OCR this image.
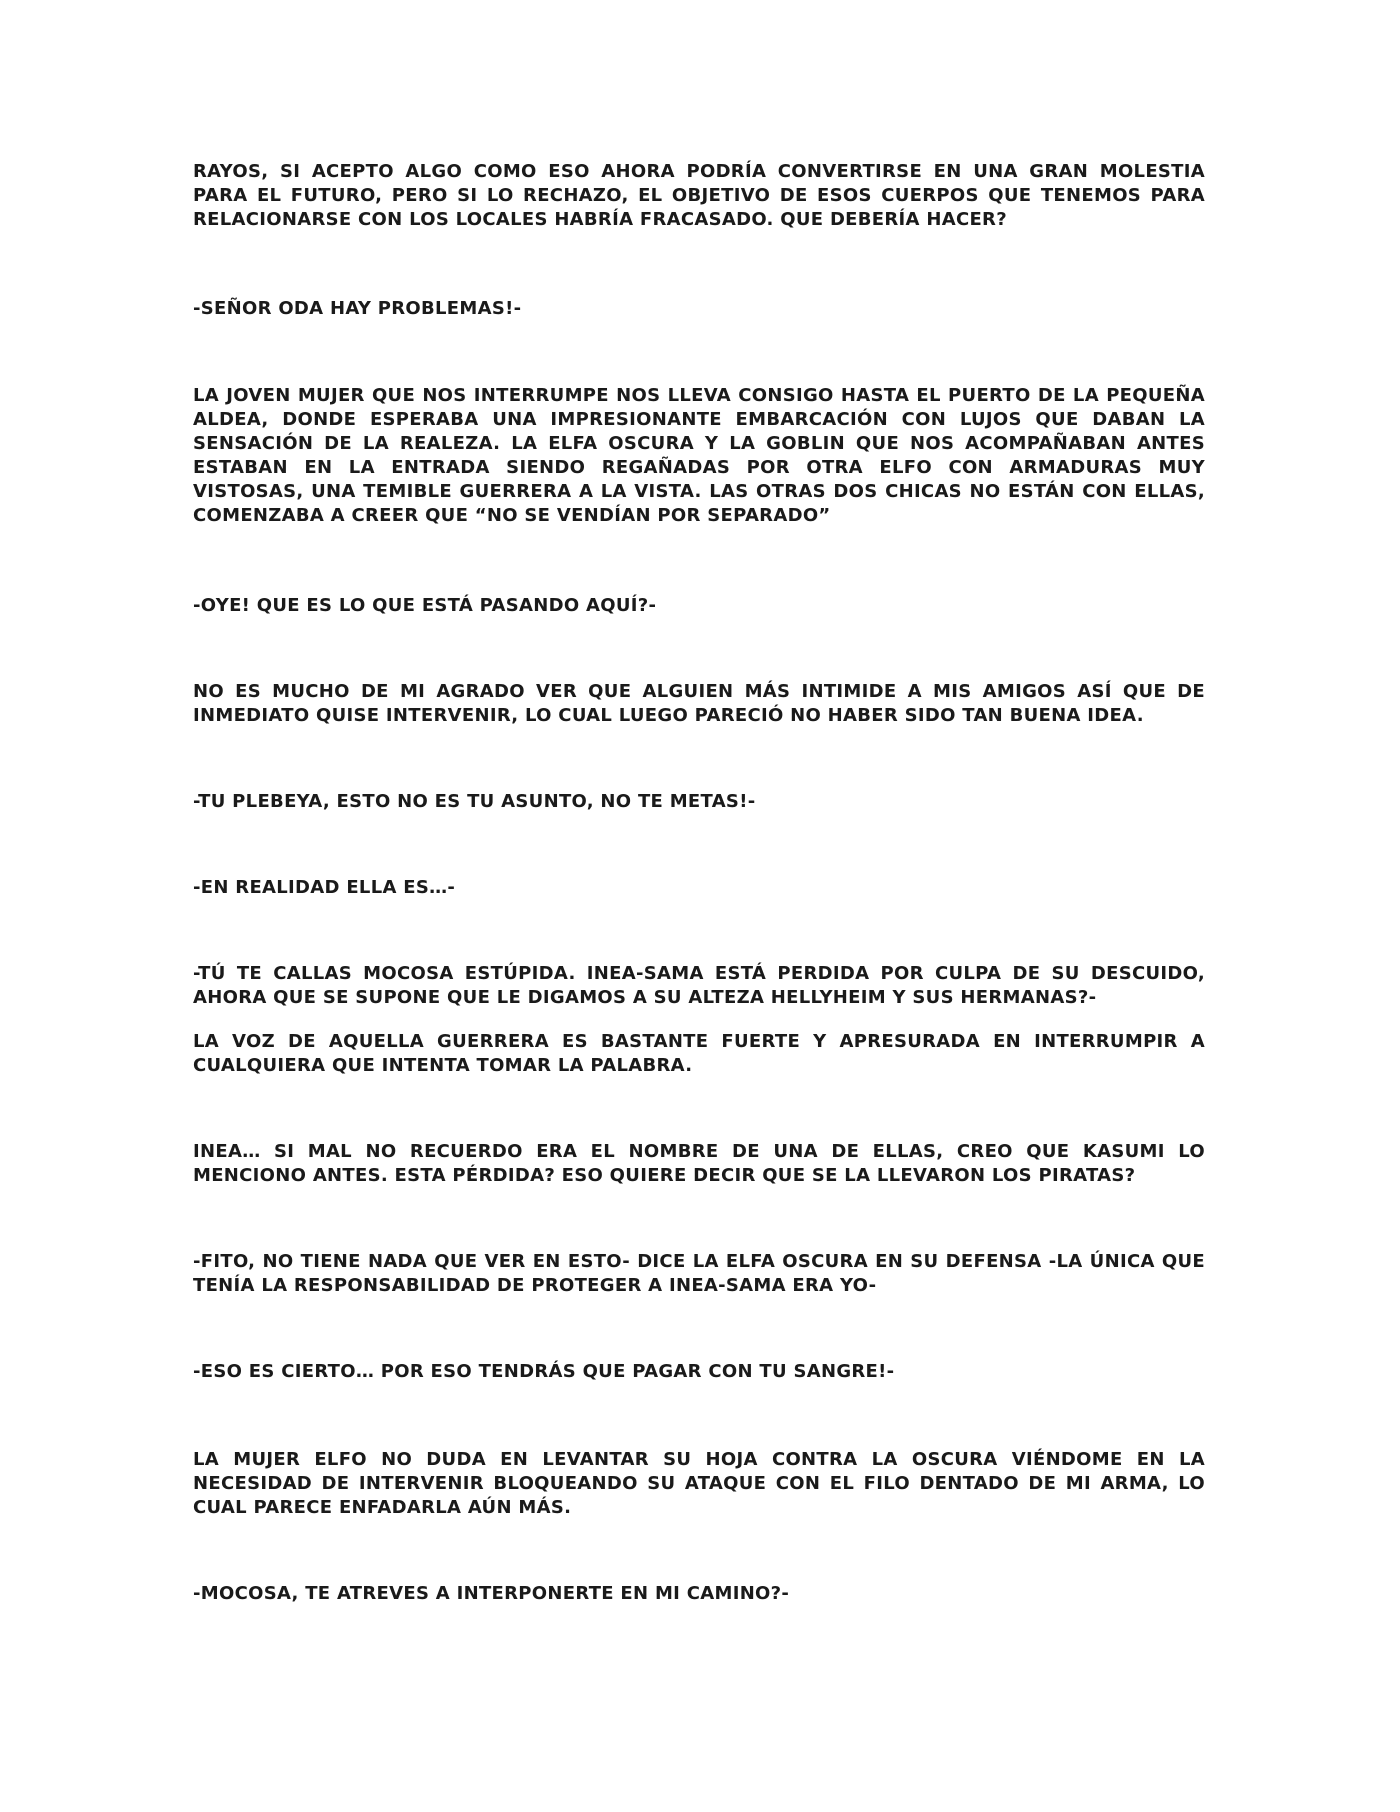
RAYOS, SI ACEPTO ALGO COMO ESO AHORA PODRÍA CONVERTIRSE EN UNA GRAN MOLESTIA PARA EL FUTURO, PERO SI LO RECHAZO, EL OBJETIVO DE ESOS CUERPOS QUE TENEMOS PARA RELACIONARSE CON LOS LOCALES HABRÍA FRACASADO. QUE DEBERÍA HACER?

-SEÑOR ODA HAY PROBLEMAS!-

LA JOVEN MUJER QUE NOS INTERRUMPE NOS LLEVA CONSIGO HASTA EL PUERTO DE LA PEQUEÑA ALDEA, DONDE ESPERABA UNA IMPRESIONANTE EMBARCACIÓN CON LUJOS QUE DABAN LA SENSACIÓN DE LA REALEZA. LA ELFA OSCURA Y LA GOBLIN QUE NOS ACOMPAÑABAN ANTES ESTABAN EN LA ENTRADA SIENDO REGAÑADAS POR OTRA ELFO CON ARMADURAS MUY VISTOSAS, UNA TEMIBLE GUERRERA A LA VISTA. LAS OTRAS DOS CHICAS NO ESTÁN CON ELLAS, COMENZABA A CREER QUE “NO SE VENDÍAN POR SEPARADO”

-OYE! QUE ES LO QUE ESTÁ PASANDO AQUÍ?-

NO ES MUCHO DE MI AGRADO VER QUE ALGUIEN MÁS INTIMIDE A MIS AMIGOS ASÍ QUE DE INMEDIATO QUISE INTERVENIR, LO CUAL LUEGO PARECIÓ NO HABER SIDO TAN BUENA IDEA.

-TU PLEBEYA, ESTO NO ES TU ASUNTO, NO TE METAS!-

-EN REALIDAD ELLA ES…-

-TÚ TE CALLAS MOCOSA ESTÚPIDA. INEA-SAMA ESTÁ PERDIDA POR CULPA DE SU DESCUIDO, AHORA QUE SE SUPONE QUE LE DIGAMOS A SU ALTEZA HELLYHEIM Y SUS HERMANAS?-

LA VOZ DE AQUELLA GUERRERA ES BASTANTE FUERTE Y APRESURADA EN INTERRUMPIR A CUALQUIERA QUE INTENTA TOMAR LA PALABRA.

INEA… SI MAL NO RECUERDO ERA EL NOMBRE DE UNA DE ELLAS, CREO QUE KASUMI LO MENCIONO ANTES. ESTA PÉRDIDA? ESO QUIERE DECIR QUE SE LA LLEVARON LOS PIRATAS?

-FITO, NO TIENE NADA QUE VER EN ESTO- DICE LA ELFA OSCURA EN SU DEFENSA -LA ÚNICA QUE TENÍA LA RESPONSABILIDAD DE PROTEGER A INEA-SAMA ERA YO-

-ESO ES CIERTO… POR ESO TENDRÁS QUE PAGAR CON TU SANGRE!-

LA MUJER ELFO NO DUDA EN LEVANTAR SU HOJA CONTRA LA OSCURA VIÉNDOME EN LA NECESIDAD DE INTERVENIR BLOQUEANDO SU ATAQUE CON EL FILO DENTADO DE MI ARMA, LO CUAL PARECE ENFADARLA AÚN MÁS.

-MOCOSA, TE ATREVES A INTERPONERTE EN MI CAMINO?-
